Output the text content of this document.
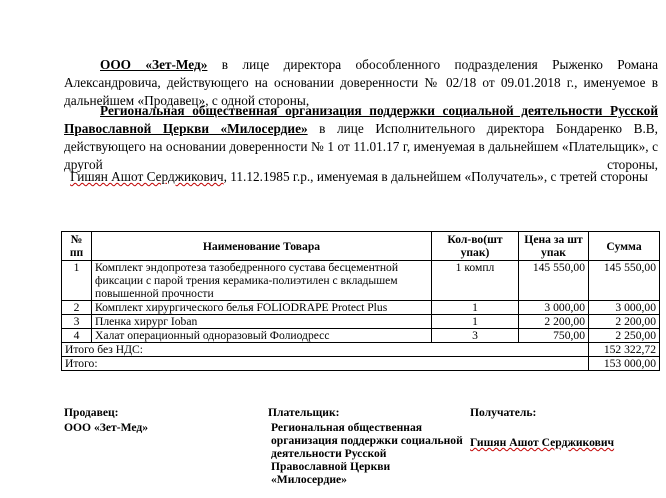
ООО «Зет-Мед» в лице директора обособленного подразделения Рыженко Романа Александровича, действующего на основании доверенности № 02/18 от 09.01.2018 г., именуемое в дальнейшем «Продавец», с одной стороны,

Региональная общественная организация поддержки социальной деятельности Русской Православной Церкви «Милосердие» в лице Исполнительного директора Бондаренко В.В, действующего на основании доверенности № 1 от 11.01.17 г, именуемая в дальнейшем «Плательщик», с другой стороны,

Гишян Ашот Серджикович, 11.12.1985 г.р., именуемая в дальнейшем «Получатель», с третей стороны

№ пп	Наименование Товара	Кол-во(шт упак)	Цена за шт упак	Сумма
1	Комплект эндопротеза тазобедренного сустава бесцементной фиксации с парой трения керамика-полиэтилен с вкладышем повышенной прочности	1 компл	145 550,00	145 550,00
2	Комплект хирургического белья FOLIODRAPE Protect Plus	1	3 000,00	3 000,00
3	Пленка хирург Ioban	1	2 200,00	2 200,00
4	Халат операционный одноразовый Фолиодресс	3	750,00	2 250,00
Итого без НДС:				152 322,72
Итого:				153 000,00
Продавец:
ООО «Зет-Мед»
Плательщик:
Региональная общественная организация поддержки социальной деятельности Русской Православной Церкви «Милосердие»
Получатель:
Гишян Ашот Серджикович
